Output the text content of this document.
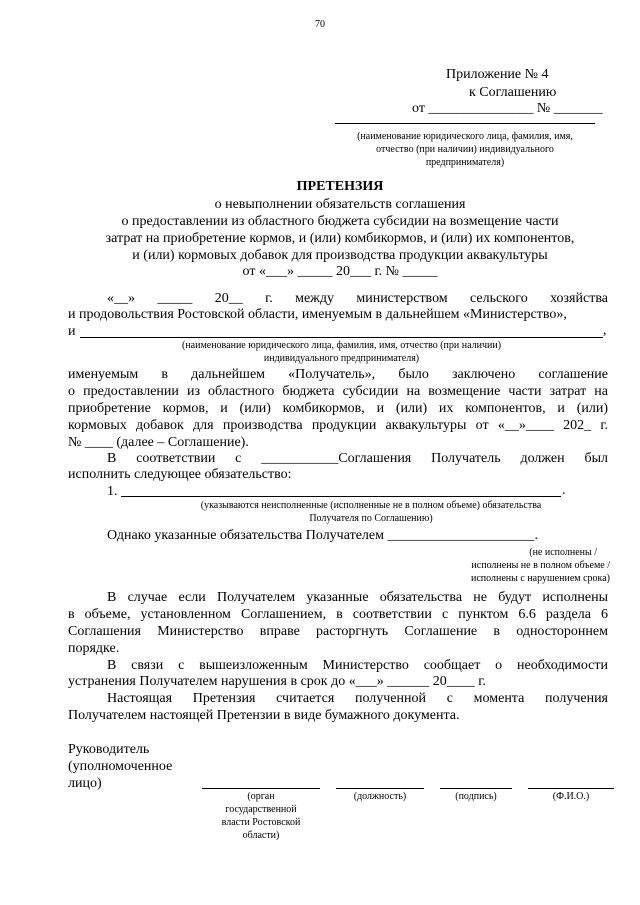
70
Приложение № 4
к Соглашению
от _______________ № _______
(наименование юридического лица, фамилия, имя,
отчество (при наличии) индивидуального
предпринимателя)
ПРЕТЕНЗИЯ
о невыполнении обязательств соглашения
о предоставлении из областного бюджета субсидии на возмещение части
затрат на приобретение кормов, и (или) комбикормов, и (или) их компонентов,
и (или) кормовых добавок для производства продукции аквакультуры
от «___» _____ 20___ г. № _____
«__» _____ 20__ г. между министерством сельского хозяйства
и продовольствия Ростовской области, именуемым в дальнейшем «Министерство»,
и	,
(наименование юридического лица, фамилия, имя, отчество (при наличии)
индивидуального предпринимателя)
именуемым в дальнейшем «Получатель», было заключено соглашение
о предоставлении из областного бюджета субсидии на возмещение части затрат на
приобретение кормов, и (или) комбикормов, и (или) их компонентов, и (или)
кормовых добавок для производства продукции аквакультуры от «__»____ 202_ г.
№ ____ (далее – Соглашение).
В соответствии с ___________Соглашения Получатель должен был
исполнить следующее обязательство:
1.	.
(указываются неисполненные (исполненные не в полном объеме) обязательства
Получателя по Соглашению)
Однако указанные обязательства Получателем _____________________.
(не исполнены /
исполнены не в полном объеме /
исполнены с нарушением срока)
В случае если Получателем указанные обязательства не будут исполнены
в объеме, установленном Соглашением, в соответствии с пунктом 6.6 раздела 6
Соглашения Министерство вправе расторгнуть Соглашение в одностороннем
порядке.
В связи с вышеизложенным Министерство сообщает о необходимости
устранения Получателем нарушения в срок до «___» ______ 20____ г.
Настоящая Претензия считается полученной с момента получения
Получателем настоящей Претензии в виде бумажного документа.
Руководитель
(уполномоченное
лицо)
(орган
государственной
власти Ростовской
области)
(должность)	(подпись)	(Ф.И.О.)
